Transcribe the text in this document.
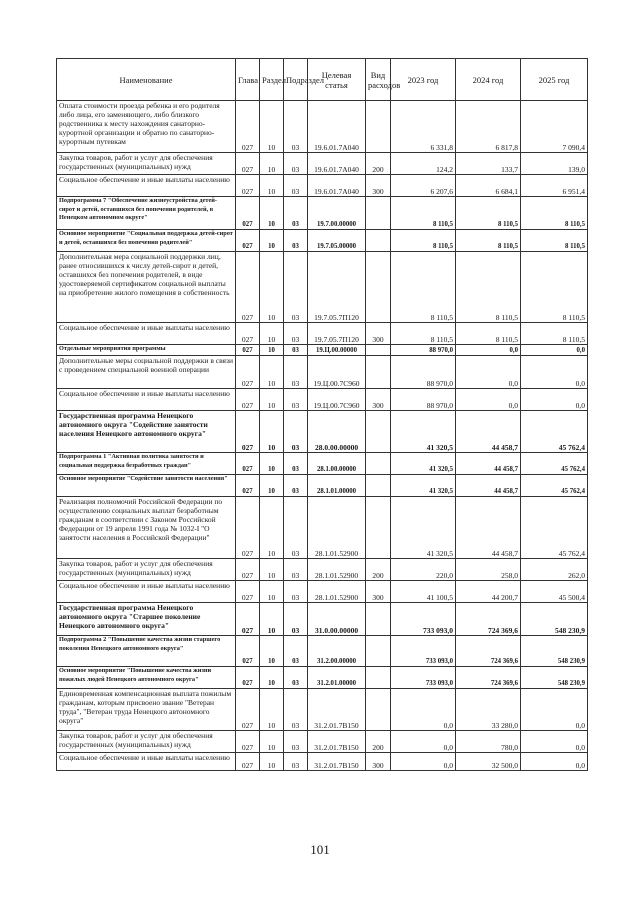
Наименование	Глава	Раздел	Подраздел	Целевая статья	Вид расходов	2023 год	2024 год	2025 год
Оплата стоимости проезда ребенка и его родителя либо лица, его заменяющего, либо близкого родственника к месту нахождения санаторно-курортной организации и обратно по санаторно-курортным путевкам	027	10	03	19.6.01.7А040		6 331,8	6 817,8	7 090,4
Закупка товаров, работ и услуг для обеспечения государственных (муниципальных) нужд	027	10	03	19.6.01.7А040	200	124,2	133,7	139,0
Социальное обеспечение и иные выплаты населению	027	10	03	19.6.01.7А040	300	6 207,6	6 684,1	6 951,4
Подпрограмма 7 "Обеспечение жизнеустройства детей-сирот и детей, оставшихся без попечения родителей, в Ненецком автономном округе"	027	10	03	19.7.00.00000		8 110,5	8 110,5	8 110,5
Основное мероприятие "Социальная поддержка детей-сирот и детей, оставшихся без попечения родителей"	027	10	03	19.7.05.00000		8 110,5	8 110,5	8 110,5
Дополнительная мера социальной поддержки лиц, ранее относившихся к числу детей-сирот и детей, оставшихся без попечения родителей, в виде удостоверяемой сертификатом социальной выплаты на приобретение жилого помещения в собственность	027	10	03	19.7.05.7П120		8 110,5	8 110,5	8 110,5
Социальное обеспечение и иные выплаты населению	027	10	03	19.7.05.7П120	300	8 110,5	8 110,5	8 110,5
Отдельные мероприятия программы	027	10	03	19.Ц.00.00000		88 970,0	0,0	0,0
Дополнительные меры социальной поддержки в связи с проведением специальной военной операции	027	10	03	19.Ц.00.7С960		88 970,0	0,0	0,0
Социальное обеспечение и иные выплаты населению	027	10	03	19.Ц.00.7С960	300	88 970,0	0,0	0,0
Государственная программа Ненецкого автономного округа "Содействие занятости населения Ненецкого автономного округа"	027	10	03	28.0.00.00000		41 320,5	44 458,7	45 762,4
Подпрограмма 1 "Активная политика занятости и социальная поддержка безработных граждан"	027	10	03	28.1.00.00000		41 320,5	44 458,7	45 762,4
Основное мероприятие "Содействие занятости населения"	027	10	03	28.1.01.00000		41 320,5	44 458,7	45 762,4
Реализация полномочий Российской Федерации по осуществлению социальных выплат безработным гражданам в соответствии с Законом Российской Федерации от 19 апреля 1991 года № 1032-I "О занятости населения в Российской Федерации"	027	10	03	28.1.01.52900		41 320,5	44 458,7	45 762,4
Закупка товаров, работ и услуг для обеспечения государственных (муниципальных) нужд	027	10	03	28.1.01.52900	200	220,0	258,0	262,0
Социальное обеспечение и иные выплаты населению	027	10	03	28.1.01.52900	300	41 100,5	44 200,7	45 500,4
Государственная программа Ненецкого автономного округа "Старшее поколение Ненецкого автономного округа"	027	10	03	31.0.00.00000		733 093,0	724 369,6	548 230,9
Подпрограмма 2 "Повышение качества жизни старшего поколения Ненецкого автономного округа"	027	10	03	31.2.00.00000		733 093,0	724 369,6	548 230,9
Основное мероприятие "Повышение качества жизни пожилых людей Ненецкого автономного округа"	027	10	03	31.2.01.00000		733 093,0	724 369,6	548 230,9
Единовременная компенсационная выплата пожилым гражданам, которым присвоено звание "Ветеран труда", "Ветеран труда Ненецкого автономного округа"	027	10	03	31.2.01.7В150		0,0	33 280,0	0,0
Закупка товаров, работ и услуг для обеспечения государственных (муниципальных) нужд	027	10	03	31.2.01.7В150	200	0,0	780,0	0,0
Социальное обеспечение и иные выплаты населению	027	10	03	31.2.01.7В150	300	0,0	32 500,0	0,0
101
